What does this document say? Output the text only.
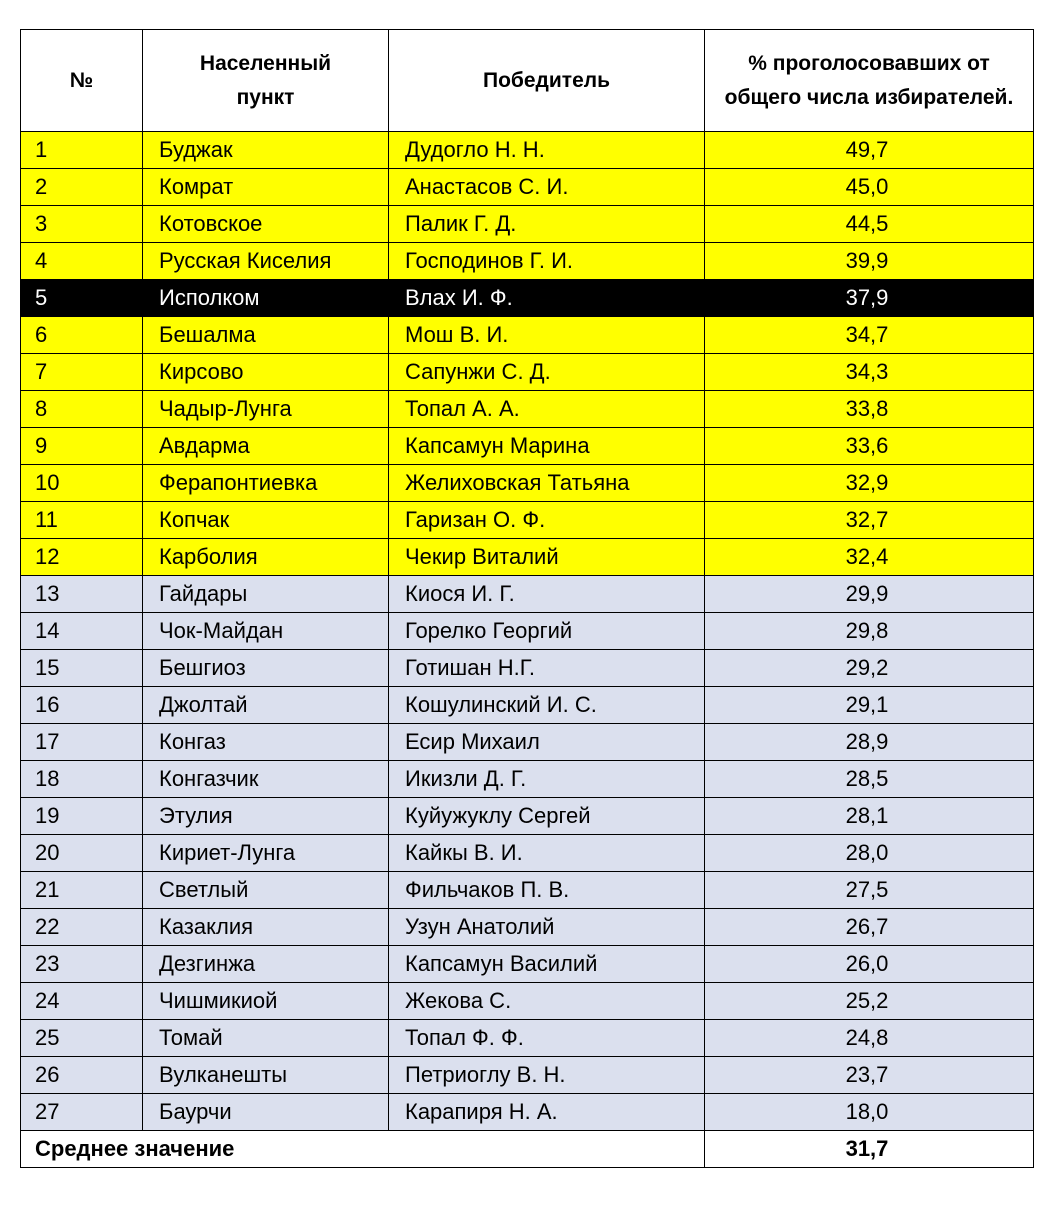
№	Населенный пункт	Победитель	% проголосовавших от общего числа избирателей.
1	Буджак	Дудогло Н. Н.	49,7
2	Комрат	Анастасов С. И.	45,0
3	Котовское	Палик Г. Д.	44,5
4	Русская Киселия	Господинов Г. И.	39,9
5	Исполком	Влах И. Ф.	37,9
6	Бешалма	Мош В. И.	34,7
7	Кирсово	Сапунжи С. Д.	34,3
8	Чадыр-Лунга	Топал А. А.	33,8
9	Авдарма	Капсамун Марина	33,6
10	Ферапонтиевка	Желиховская Татьяна	32,9
11	Копчак	Гаризан О. Ф.	32,7
12	Карболия	Чекир Виталий	32,4
13	Гайдары	Киося И. Г.	29,9
14	Чок-Майдан	Горелко Георгий	29,8
15	Бешгиоз	Готишан Н.Г.	29,2
16	Джолтай	Кошулинский И. С.	29,1
17	Конгаз	Есир Михаил	28,9
18	Конгазчик	Икизли Д. Г.	28,5
19	Этулия	Куйужуклу Сергей	28,1
20	Кириет-Лунга	Кайкы В. И.	28,0
21	Светлый	Фильчаков П. В.	27,5
22	Казаклия	Узун Анатолий	26,7
23	Дезгинжа	Капсамун Василий	26,0
24	Чишмикиой	Жекова С.	25,2
25	Томай	Топал Ф. Ф.	24,8
26	Вулканешты	Петриоглу В. Н.	23,7
27	Баурчи	Карапиря Н. А.	18,0
Среднее значение			31,7
